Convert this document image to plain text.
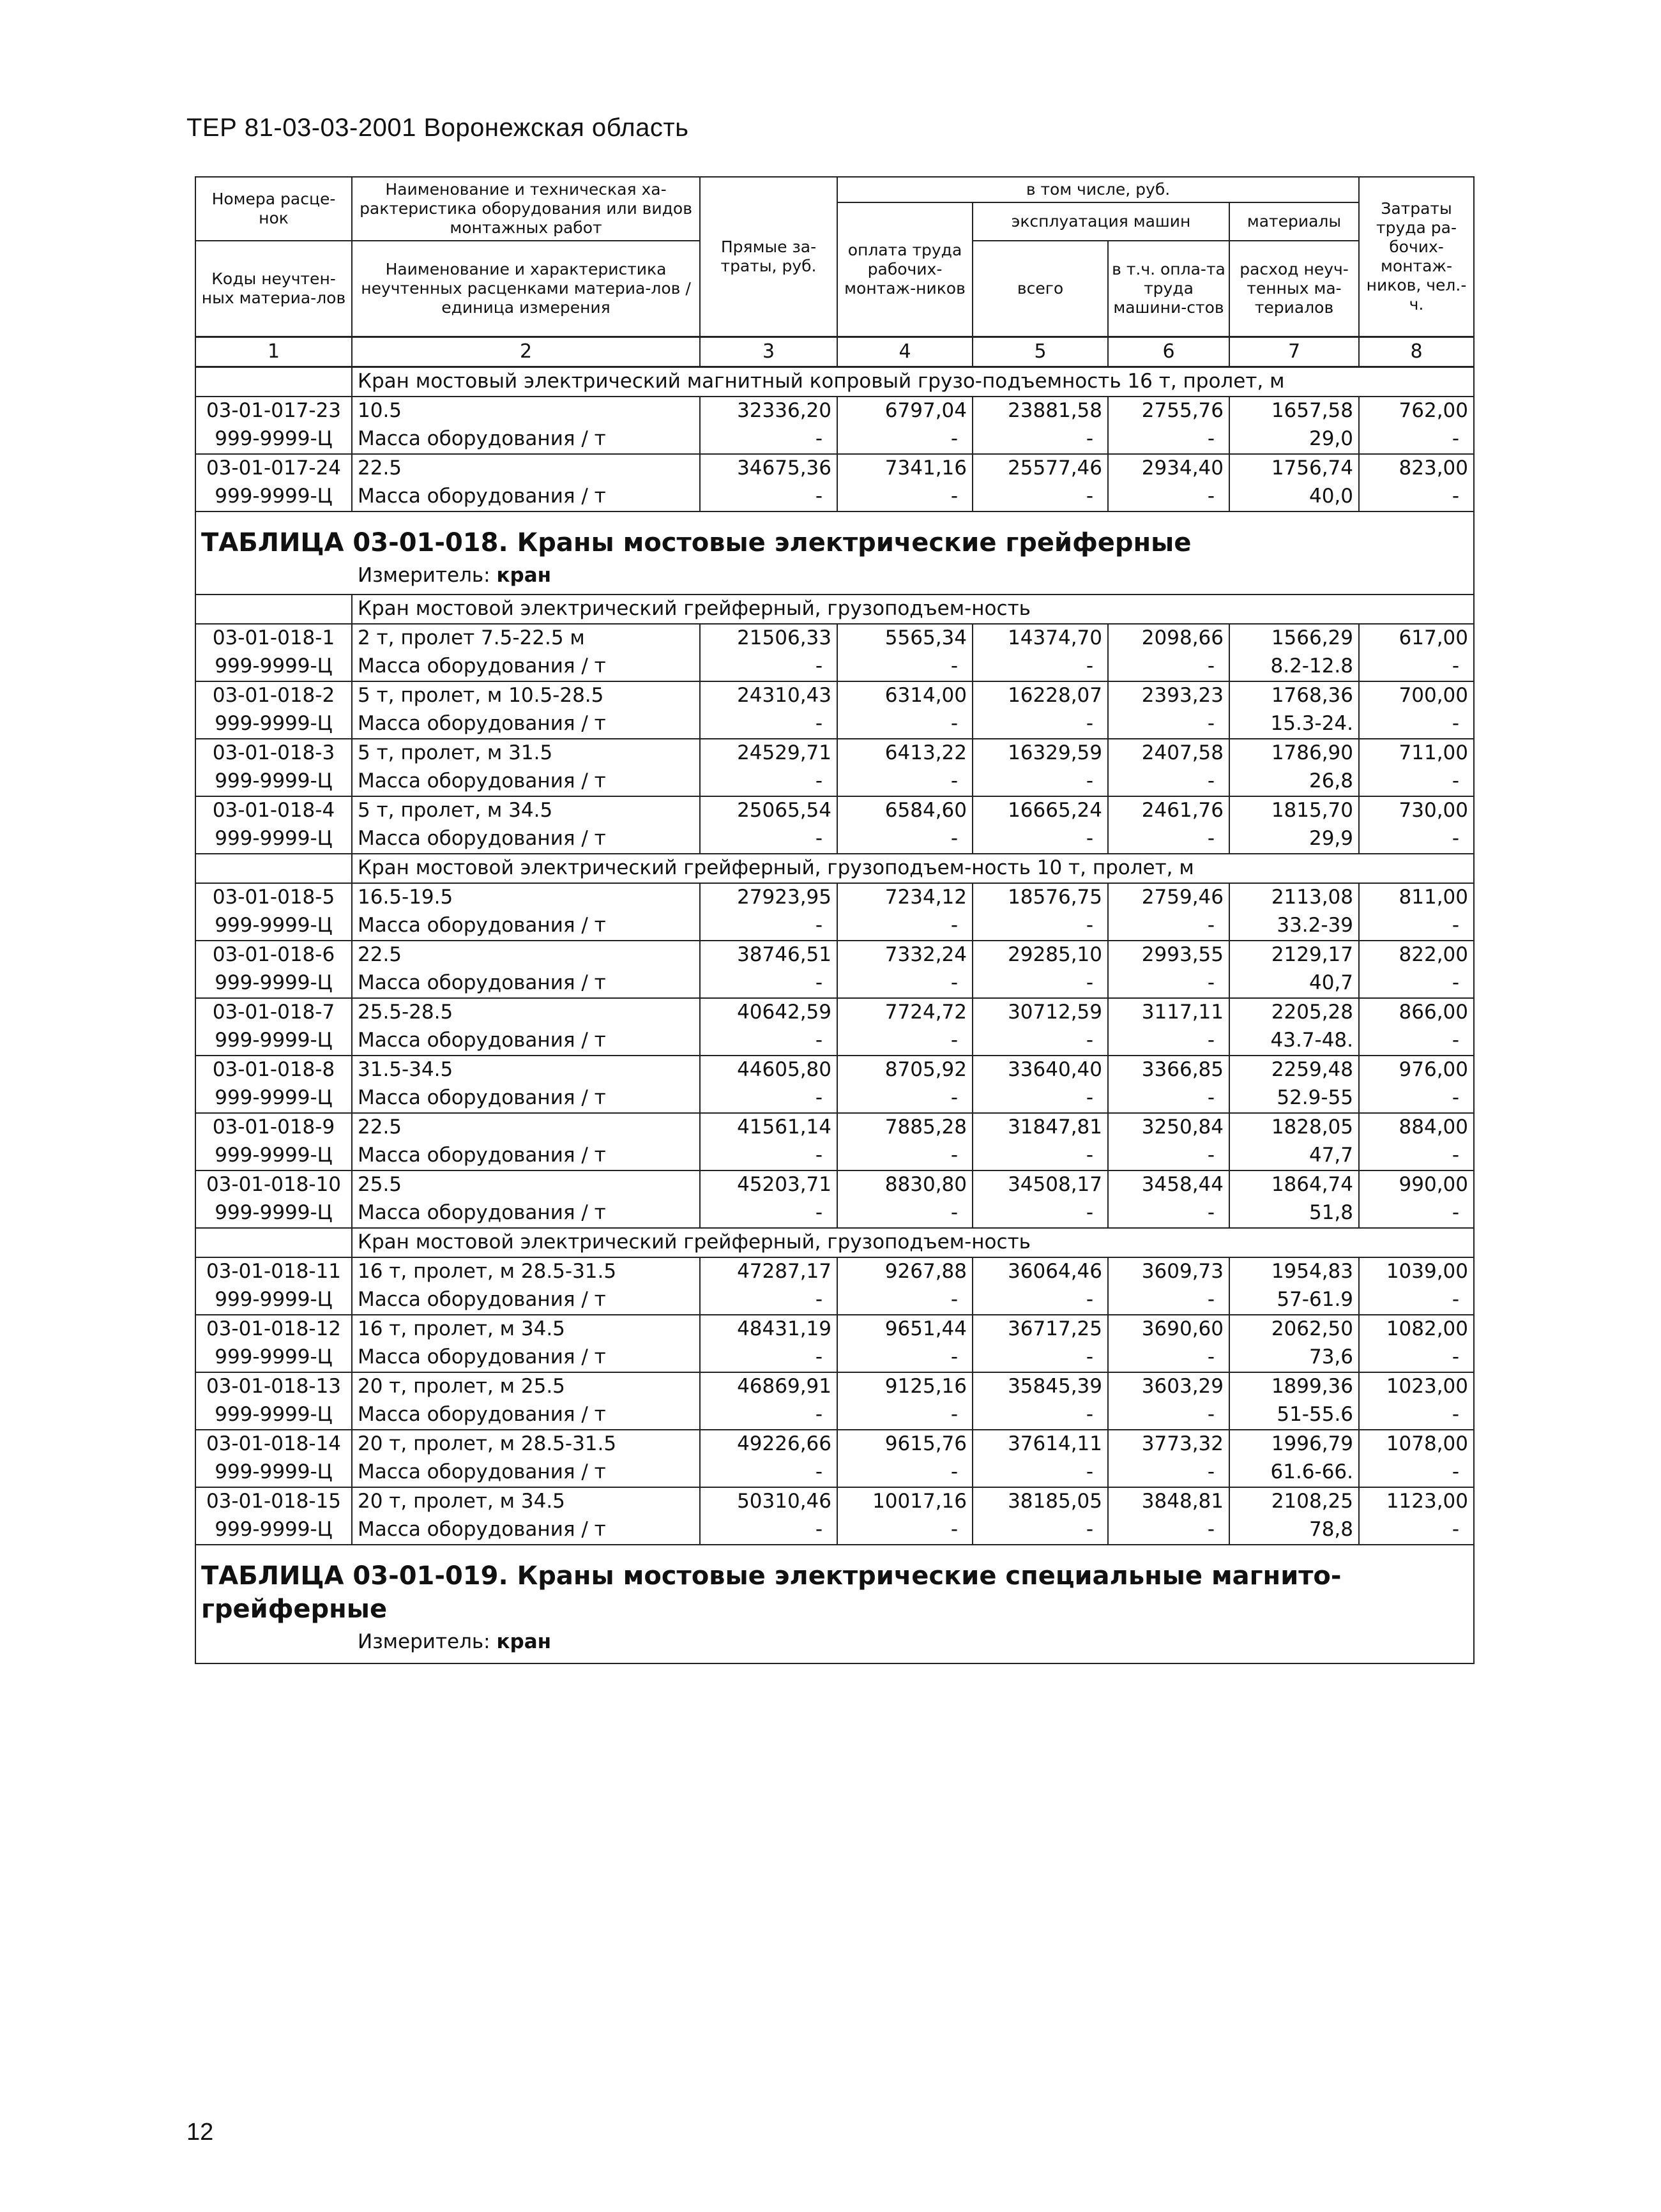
ТЕР 81-03-03-2001 Воронежская область
Номера расце-нок	Наименование и техническая ха-рактеристика оборудования или видов монтажных работ	Прямые за-траты, руб.	в том числе, руб.				Затраты труда ра-бочих-монтаж-ников, чел.-ч.
			оплата труда рабочих-монтаж-ников	эксплуатация машин		материалы	
Коды неучтен-ных материа-лов	Наименование и характеристика неучтенных расценками материа-лов / единица измерения			всего	в т.ч. опла-та труда машини-стов	расход неуч-тенных ма-териалов	

1	2	3	4	5	6	7	8
	Кран мостовый электрический магнитный копровый грузо-подъемность 16 т, пролет, м						
03-01-017-23	10.5	32336,20	6797,04	23881,58	2755,76	1657,58	762,00
999-9999-Ц	Масса оборудования / т	-	-	-	-	29,0	-
03-01-017-24	22.5	34675,36	7341,16	25577,46	2934,40	1756,74	823,00
999-9999-Ц	Масса оборудования / т	-	-	-	-	40,0	-
ТАБЛИЦА 03-01-018. Краны мостовые электрические грейферные							
Измеритель: кран							
	Кран мостовой электрический грейферный, грузоподъем-ность						
03-01-018-1	2 т, пролет 7.5-22.5 м	21506,33	5565,34	14374,70	2098,66	1566,29	617,00
999-9999-Ц	Масса оборудования / т	-	-	-	-	8.2-12.8	-
03-01-018-2	5 т, пролет, м 10.5-28.5	24310,43	6314,00	16228,07	2393,23	1768,36	700,00
999-9999-Ц	Масса оборудования / т	-	-	-	-	15.3-24.	-
03-01-018-3	5 т, пролет, м 31.5	24529,71	6413,22	16329,59	2407,58	1786,90	711,00
999-9999-Ц	Масса оборудования / т	-	-	-	-	26,8	-
03-01-018-4	5 т, пролет, м 34.5	25065,54	6584,60	16665,24	2461,76	1815,70	730,00
999-9999-Ц	Масса оборудования / т	-	-	-	-	29,9	-
	Кран мостовой электрический грейферный, грузоподъем-ность 10 т, пролет, м						
03-01-018-5	16.5-19.5	27923,95	7234,12	18576,75	2759,46	2113,08	811,00
999-9999-Ц	Масса оборудования / т	-	-	-	-	33.2-39	-
03-01-018-6	22.5	38746,51	7332,24	29285,10	2993,55	2129,17	822,00
999-9999-Ц	Масса оборудования / т	-	-	-	-	40,7	-
03-01-018-7	25.5-28.5	40642,59	7724,72	30712,59	3117,11	2205,28	866,00
999-9999-Ц	Масса оборудования / т	-	-	-	-	43.7-48.	-
03-01-018-8	31.5-34.5	44605,80	8705,92	33640,40	3366,85	2259,48	976,00
999-9999-Ц	Масса оборудования / т	-	-	-	-	52.9-55	-
03-01-018-9	22.5	41561,14	7885,28	31847,81	3250,84	1828,05	884,00
999-9999-Ц	Масса оборудования / т	-	-	-	-	47,7	-
03-01-018-10	25.5	45203,71	8830,80	34508,17	3458,44	1864,74	990,00
999-9999-Ц	Масса оборудования / т	-	-	-	-	51,8	-
	Кран мостовой электрический грейферный, грузоподъем-ность						
03-01-018-11	16 т, пролет, м 28.5-31.5	47287,17	9267,88	36064,46	3609,73	1954,83	1039,00
999-9999-Ц	Масса оборудования / т	-	-	-	-	57-61.9	-
03-01-018-12	16 т, пролет, м 34.5	48431,19	9651,44	36717,25	3690,60	2062,50	1082,00
999-9999-Ц	Масса оборудования / т	-	-	-	-	73,6	-
03-01-018-13	20 т, пролет, м 25.5	46869,91	9125,16	35845,39	3603,29	1899,36	1023,00
999-9999-Ц	Масса оборудования / т	-	-	-	-	51-55.6	-
03-01-018-14	20 т, пролет, м 28.5-31.5	49226,66	9615,76	37614,11	3773,32	1996,79	1078,00
999-9999-Ц	Масса оборудования / т	-	-	-	-	61.6-66.	-
03-01-018-15	20 т, пролет, м 34.5	50310,46	10017,16	38185,05	3848,81	2108,25	1123,00
999-9999-Ц	Масса оборудования / т	-	-	-	-	78,8	-
ТАБЛИЦА 03-01-019. Краны мостовые электрические специальные магнито-грейферные							
Измеритель: кран							
12
